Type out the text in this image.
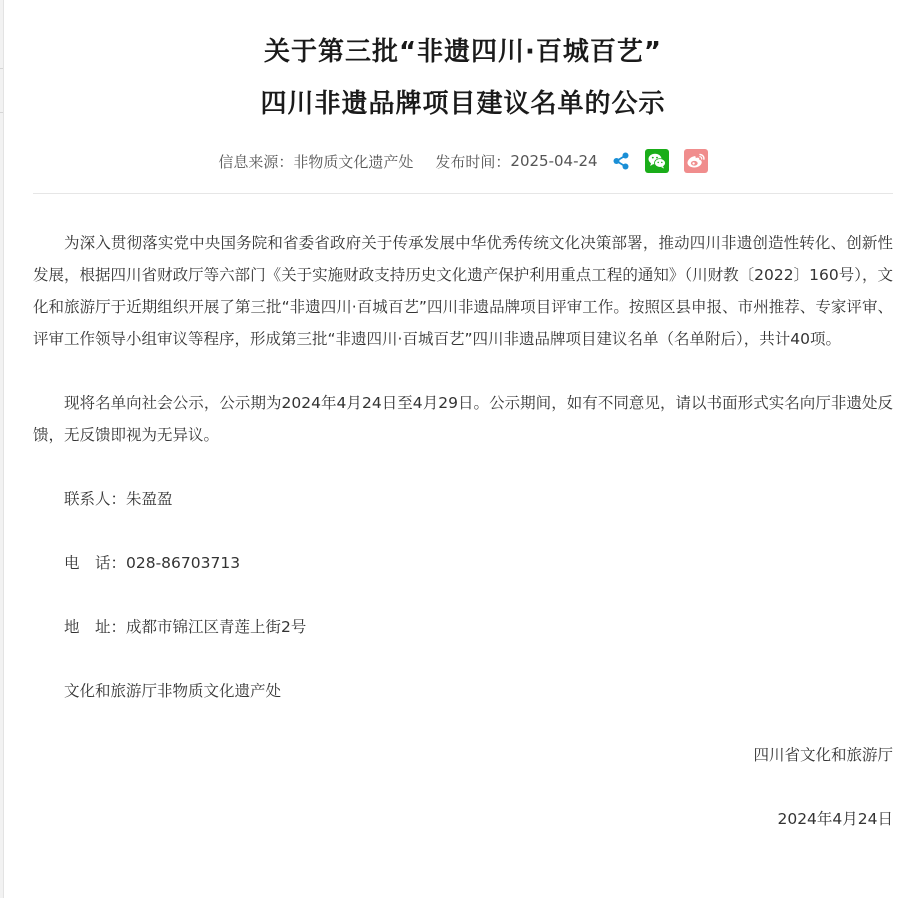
关于第三批“非遗四川·百城百艺”
四川非遗品牌项目建议名单的公示
信息来源： 非物质文化遗产处 发布时间： 2025-04-24

为深入贯彻落实党中央国务院和省委省政府关于传承发展中华优秀传统文化决策部署，推动四川非遗创造性转化、创新性发展，根据四川省财政厅等六部门《关于实施财政支持历史文化遗产保护利用重点工程的通知》（川财教〔2022〕160号），文化和旅游厅于近期组织开展了第三批“非遗四川·百城百艺”四川非遗品牌项目评审工作。按照区县申报、市州推荐、专家评审、评审工作领导小组审议等程序，形成第三批“非遗四川·百城百艺”四川非遗品牌项目建议名单（名单附后），共计40项。

现将名单向社会公示，公示期为2024年4月24日至4月29日。公示期间，如有不同意见，请以书面形式实名向厅非遗处反馈，无反馈即视为无异议。

联系人：朱盈盈

电　话：028-86703713

地　址：成都市锦江区青莲上街2号

文化和旅游厅非物质文化遗产处

四川省文化和旅游厅

2024年4月24日
